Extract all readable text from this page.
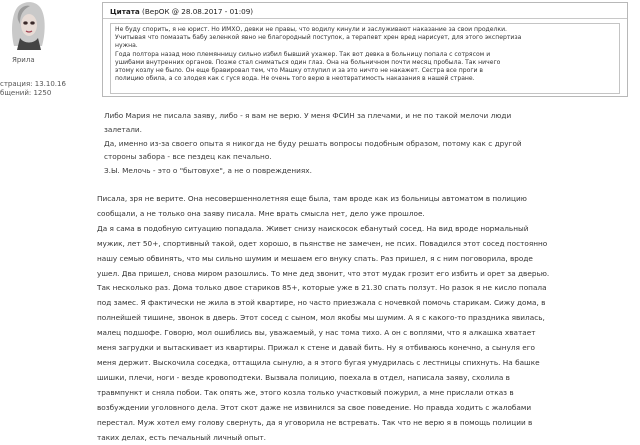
Ярила
страция: 13.10.16
бщений: 1250
Цитата (ВерОК @ 28.08.2017 - 01:09)
Не буду спорить, я не юрист. Но ИМХО, девки не правы, что водилу кинули и заслуживают наказание за свои проделки.
Учитывая что помазать бабу зеленкой явно не благородный поступок, а терапевт хрен вред нарисует, для этого экспертиза
нужна.
Года полтора назад мою племянницу сильно избил бывший ухажер. Так вот девка в больницу попала с сотрясом и
ушибами внутренних органов. Позже стал сниматься один глаз. Она на больничном почти месяц пробыла. Так ничего
этому козлу не было. Он еще бравировал тем, что Машку отлупил и за это ничто не накажет. Сестра все проги в
полицию обила, а со злодея как с гуся вода. Не очень того верю в неотвратимость наказания в нашей стране.
Либо Мария не писала заяву, либо - я вам не верю. У меня ФСИН за плечами, и не по такой мелочи люди
залетали.
Да, именно из-за своего опыта я никогда не буду решать вопросы подобным образом, потому как с другой
стороны забора - все пездец как печально.
З.Ы. Мелочь - это о "бытовухе", а не о повреждениях.
Писала, зря не верите. Она несовершеннолетняя еще была, там вроде как из больницы автоматом в полицию
сообщали, а не только она заяву писала. Мне врать смысла нет, дело уже прошлое.
Да я сама в подобную ситуацию попадала. Живет снизу наискосок ебанутый сосед. На вид вроде нормальный
мужик, лет 50+, спортивный такой, одет хорошо, в пьянстве не замечен, не псих. Повадился этот сосед постоянно
нашу семью обвинять, что мы сильно шумим и мешаем его внуку спать. Раз пришел, я с ним поговорила, вроде
ушел. Два пришел, снова миром разошлись. То мне дед звонит, что этот мудак грозит его избить и орет за дверью.
Так несколько раз. Дома только двое стариков 85+, которые уже в 21.30 спать ползут. Но разок я не кисло попала
под замес. Я фактически не жила в этой квартире, но часто приезжала с ночевкой помочь старикам. Сижу дома, в
полнейшей тишине, звонок в дверь. Этот сосед с сыном, мол якобы мы шумим. А я с какого-то праздника явилась,
малец подшофе. Говорю, мол ошиблись вы, уважаемый, у нас тома тихо. А он с воплями, что я алкашка хватает
меня загрудки и вытаскивает из квартиры. Прижал к стене и давай бить. Ну я отбиваюсь конечно, а сынуля его
меня держит. Выскочила соседка, оттащила сынулю, а я этого бугая умудрилась с лестницы спихнуть. На башке
шишки, плечи, ноги - везде кровоподтеки. Вызвала полицию, поехала в отдел, написала заяву, схолила в
травмпункт и сняла побои. Так опять же, этого козла только участковый пожурил, а мне прислали отказ в
возбуждении уголовного дела. Этот скот даже не извинился за свое поведение. Но правда ходить с жалобами
перестал. Муж хотел ему голову свернуть, да я уговорила не встревать. Так что не верю я в помощь полиции в
таких делах, есть печальный личный опыт.
